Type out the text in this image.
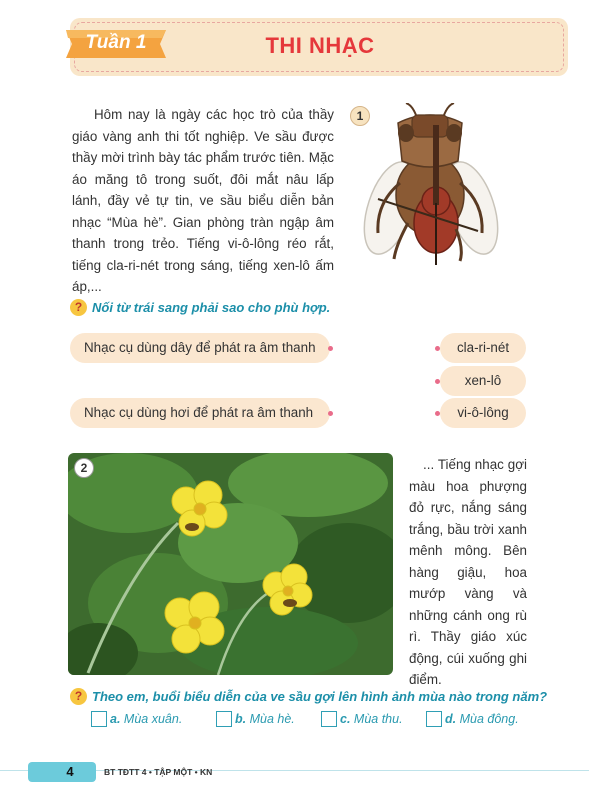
Tuần 1	THI NHẠC
Hôm nay là ngày các học trò của thầy giáo vàng anh thi tốt nghiệp. Ve sầu được thầy mời trình bày tác phẩm trước tiên. Mặc áo măng tô trong suốt, đôi mắt nâu lấp lánh, đầy vẻ tự tin, ve sầu biểu diễn bản nhạc “Mùa hè”. Gian phòng tràn ngập âm thanh trong trẻo. Tiếng vi-ô-lông réo rắt, tiếng cla-ri-nét trong sáng, tiếng xen-lô ấm áp,...
1
? Nối từ trái sang phải sao cho phù hợp.
Nhạc cụ dùng dây để phát ra âm thanh
Nhạc cụ dùng hơi để phát ra âm thanh
cla-ri-nét
xen-lô
vi-ô-lông
2	... Tiếng nhạc gợi màu hoa phượng đỏ rực, nắng sáng trắng, bầu trời xanh mênh mông. Bên hàng giậu, hoa mướp vàng và những cánh ong rù rì. Thầy giáo xúc động, cúi xuống ghi điểm.
? Theo em, buổi biểu diễn của ve sầu gợi lên hình ảnh mùa nào trong năm?
a. Mùa xuân.	b. Mùa hè.	c. Mùa thu.	d. Mùa đông.
4	BT TĐTT 4 • TẬP MỘT • KN
